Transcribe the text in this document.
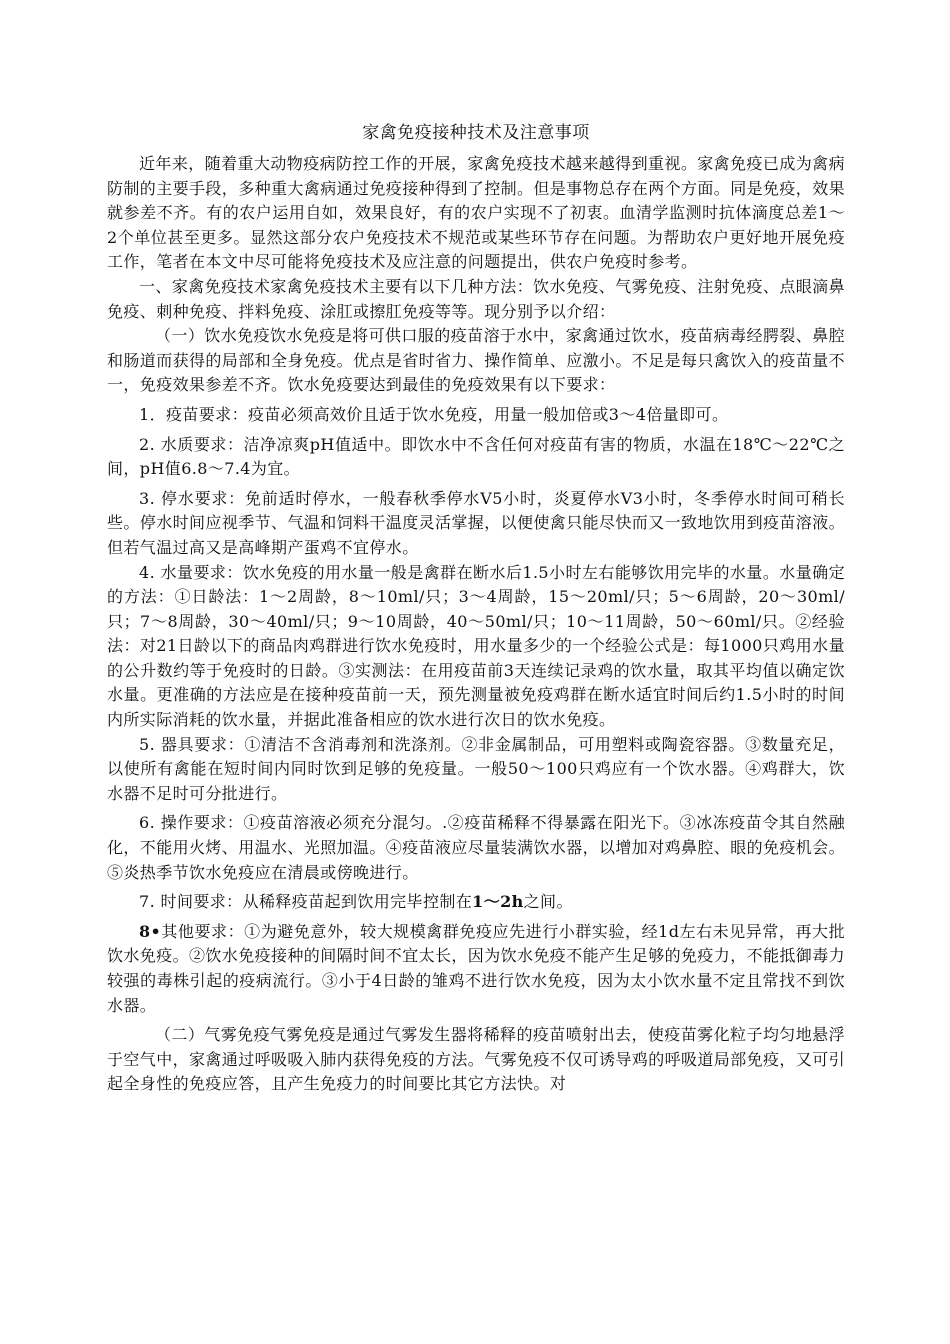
家禽免疫接种技术及注意事项

近年来，随着重大动物疫病防控工作的开展，家禽免疫技术越来越得到重视。家禽免疫已成为禽病防制的主要手段，多种重大禽病通过免疫接种得到了控制。但是事物总存在两个方面。同是免疫，效果就参差不齐。有的农户运用自如，效果良好，有的农户实现不了初衷。血清学监测时抗体滴度总差1〜2个单位甚至更多。显然这部分农户免疫技术不规范或某些环节存在问题。为帮助农户更好地开展免疫工作，笔者在本文中尽可能将免疫技术及应注意的问题提出，供农户免疫时参考。

一、家禽免疫技术家禽免疫技术主要有以下几种方法：饮水免疫、气雾免疫、注射免疫、点眼滴鼻免疫、刺种免疫、拌料免疫、涂肛或擦肛免疫等等。现分别予以介绍：

（一）饮水免疫饮水免疫是将可供口服的疫苗溶于水中，家禽通过饮水，疫苗病毒经腭裂、鼻腔和肠道而获得的局部和全身免疫。优点是省时省力、操作简单、应激小。不足是每只禽饮入的疫苗量不一，免疫效果参差不齐。饮水免疫要达到最佳的免疫效果有以下要求：

1．疫苗要求：疫苗必须高效价且适于饮水免疫，用量一般加倍或3〜4倍量即可。

2. 水质要求：洁净凉爽pH值适中。即饮水中不含任何对疫苗有害的物质，水温在18℃〜22℃之间，pH值6.8〜7.4为宜。

3. 停水要求：免前适时停水，一般春秋季停水V5小时，炎夏停水V3小时，冬季停水时间可稍长些。停水时间应视季节、气温和饲料干温度灵活掌握，以便使禽只能尽快而又一致地饮用到疫苗溶液。但若气温过高又是高峰期产蛋鸡不宜停水。

4. 水量要求：饮水免疫的用水量一般是禽群在断水后1.5小时左右能够饮用完毕的水量。水量确定的方法：①日龄法：1〜2周龄，8〜10ml/只；3〜4周龄，15〜20ml/只；5〜6周龄，20〜30ml/只；7〜8周龄，30〜40ml/只；9〜10周龄，40〜50ml/只；10〜11周龄，50〜60ml/只。②经验法：对21日龄以下的商品肉鸡群进行饮水免疫时，用水量多少的一个经验公式是：每1000只鸡用水量的公升数约等于免疫时的日龄。③实测法：在用疫苗前3天连续记录鸡的饮水量，取其平均值以确定饮水量。更准确的方法应是在接种疫苗前一天，预先测量被免疫鸡群在断水适宜时间后约1.5小时的时间内所实际消耗的饮水量，并据此准备相应的饮水进行次日的饮水免疫。

5. 器具要求：①清洁不含消毒剂和洗涤剂。②非金属制品，可用塑料或陶瓷容器。③数量充足，以使所有禽能在短时间内同时饮到足够的免疫量。一般50〜100只鸡应有一个饮水器。④鸡群大，饮水器不足时可分批进行。

6. 操作要求：①疫苗溶液必须充分混匀。.②疫苗稀释不得暴露在阳光下。③冰冻疫苗令其自然融化，不能用火烤、用温水、光照加温。④疫苗液应尽量装满饮水器，以增加对鸡鼻腔、眼的免疫机会。⑤炎热季节饮水免疫应在清晨或傍晚进行。

7. 时间要求：从稀释疫苗起到饮用完毕控制在1〜2h之间。

8•其他要求：①为避免意外，较大规模禽群免疫应先进行小群实验，经1d左右未见异常，再大批饮水免疫。②饮水免疫接种的间隔时间不宜太长，因为饮水免疫不能产生足够的免疫力，不能抵御毒力较强的毒株引起的疫病流行。③小于4日龄的雏鸡不进行饮水免疫，因为太小饮水量不定且常找不到饮水器。

（二）气雾免疫气雾免疫是通过气雾发生器将稀释的疫苗喷射出去，使疫苗雾化粒子均匀地悬浮于空气中，家禽通过呼吸吸入肺内获得免疫的方法。气雾免疫不仅可诱导鸡的呼吸道局部免疫，又可引起全身性的免疫应答，且产生免疫力的时间要比其它方法快。对
